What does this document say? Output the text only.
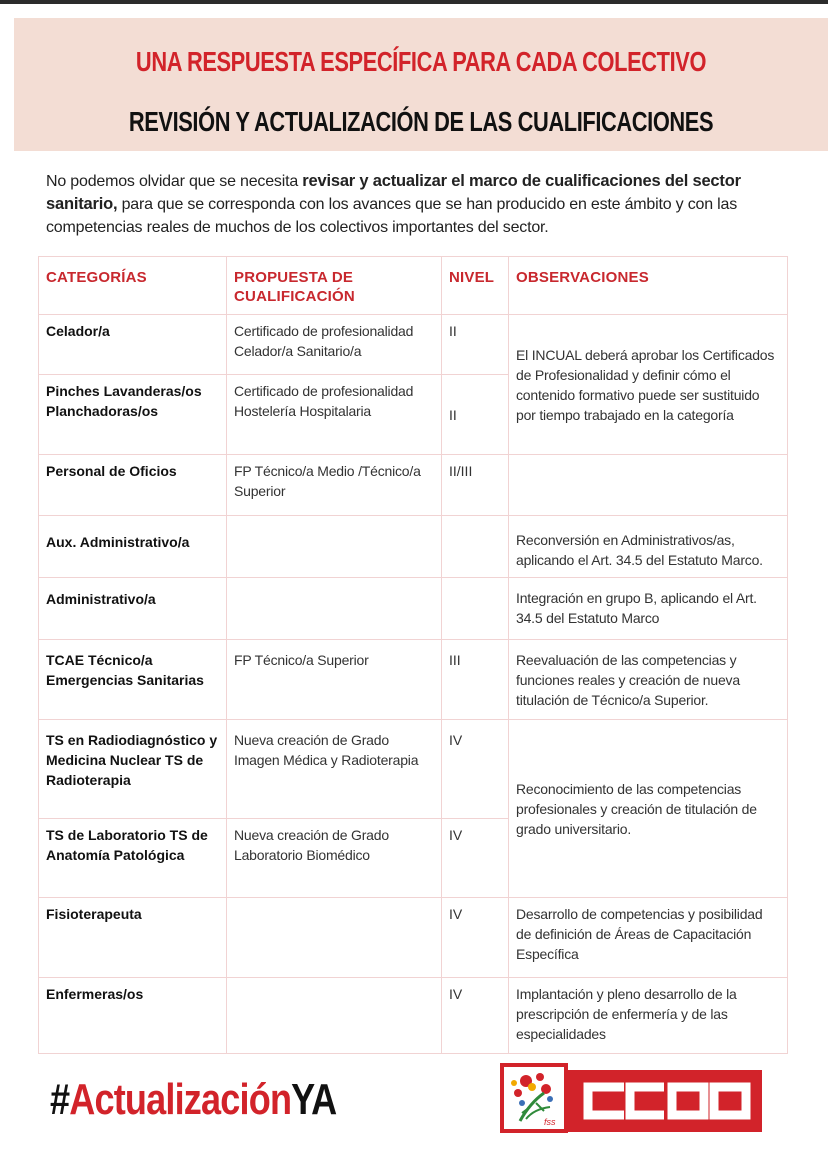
UNA RESPUESTA ESPECÍFICA PARA CADA COLECTIVO
REVISIÓN Y ACTUALIZACIÓN DE LAS CUALIFICACIONES

No podemos olvidar que se necesita revisar y actualizar el marco de cualificaciones del sector sanitario, para que se corresponda con los avances que se han producido en este ámbito y con las competencias reales de muchos de los colectivos importantes del sector.

CATEGORÍAS	PROPUESTA DE CUALIFICACIÓN	NIVEL	OBSERVACIONES
Celador/a	Certificado de profesionalidad Celador/a Sanitario/a	II	El INCUAL deberá aprobar los Certificados de Profesionalidad y definir cómo el contenido formativo puede ser sustituido por tiempo trabajado en la categoría
Pinches Lavanderas/os Planchadoras/os	Certificado de profesionalidad Hostelería Hospitalaria	II	
Personal de Oficios	FP Técnico/a Medio /Técnico/a Superior	II/III	
Aux. Administrativo/a			Reconversión en Administrativos/as, aplicando el Art. 34.5 del Estatuto Marco.
Administrativo/a			Integración en grupo B, aplicando el Art. 34.5 del Estatuto Marco
TCAE Técnico/a Emergencias Sanitarias	FP Técnico/a Superior	III	Reevaluación de las competencias y funciones reales y creación de nueva titulación de Técnico/a Superior.
TS en Radiodiagnóstico y Medicina Nuclear TS de Radioterapia	Nueva creación de Grado Imagen Médica y Radioterapia	IV	Reconocimiento de las competencias profesionales y creación de titulación de grado universitario.
TS de Laboratorio TS de Anatomía Patológica	Nueva creación de Grado Laboratorio Biomédico	IV	
Fisioterapeuta		IV	Desarrollo de competencias y posibilidad de definición de Áreas de Capacitación Específica
Enfermeras/os		IV	Implantación y pleno desarrollo de la prescripción de enfermería y de las especialidades
#ActualizaciónYA	fss
